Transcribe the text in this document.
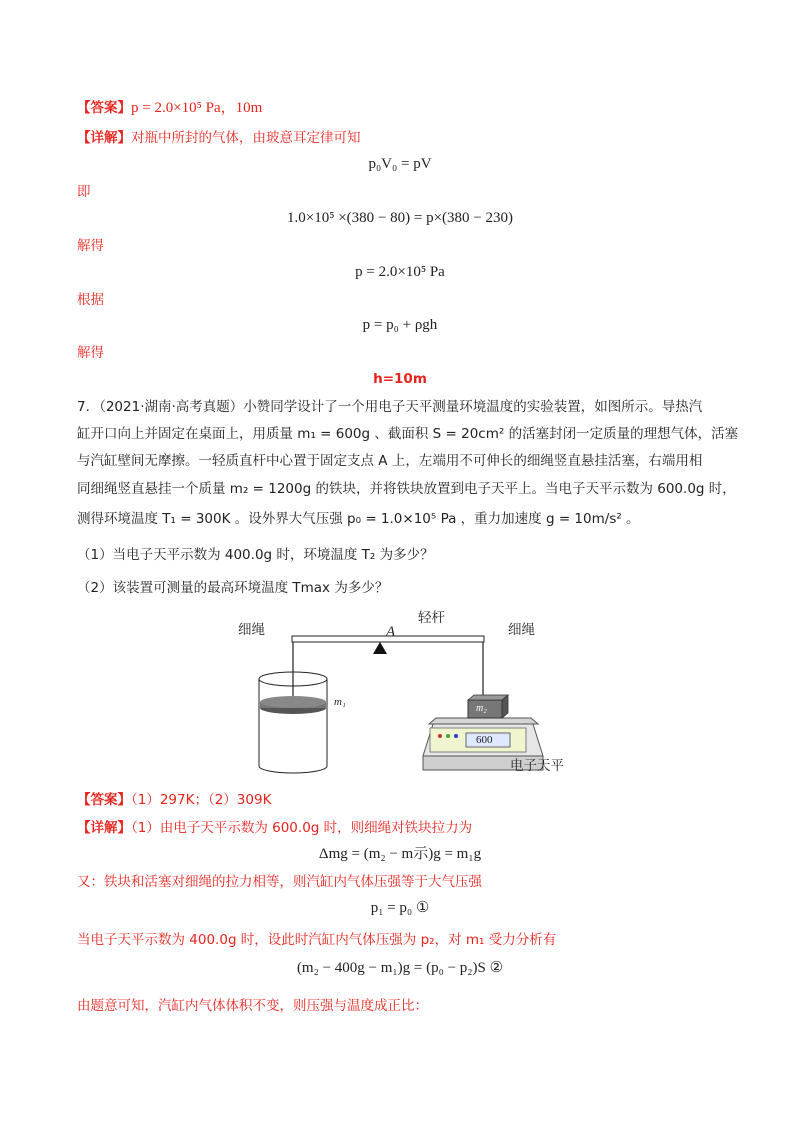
【答案】p = 2.0×10⁵ Pa，10m
【详解】对瓶中所封的气体，由玻意耳定律可知
p₀V₀ = pV
即
1.0×10⁵ ×(380 − 80) = p×(380 − 230)
解得
p = 2.0×10⁵ Pa
根据
p = p₀ + ρgh
解得
h=10m
7．（2021·湖南·高考真题）小赞同学设计了一个用电子天平测量环境温度的实验装置，如图所示。导热汽
缸开口向上并固定在桌面上，用质量 m₁ = 600g 、截面积 S = 20cm² 的活塞封闭一定质量的理想气体，活塞
与汽缸壁间无摩擦。一轻质直杆中心置于固定支点 A 上，左端用不可伸长的细绳竖直悬挂活塞，右端用相
同细绳竖直悬挂一个质量 m₂ = 1200g 的铁块，并将铁块放置到电子天平上。当电子天平示数为 600.0g 时，
测得环境温度 T₁ = 300K 。设外界大气压强 p₀ = 1.0×10⁵ Pa ，重力加速度 g = 10m/s² 。
（1）当电子天平示数为 400.0g 时，环境温度 T₂ 为多少？
（2）该装置可测量的最高环境温度 Tmax 为多少？
细绳
轻杆
A	细绳
m₁
m₂
600
电子天平
【答案】（1）297K；（2）309K
【详解】（1）由电子天平示数为 600.0g 时，则细绳对铁块拉力为
Δmg = (m₂ − m示)g = m₁g
又：铁块和活塞对细绳的拉力相等，则汽缸内气体压强等于大气压强
p₁ = p₀ ①
当电子天平示数为 400.0g 时，设此时汽缸内气体压强为 p₂，对 m₁ 受力分析有
(m₂ − 400g − m₁)g = (p₀ − p₂)S ②
由题意可知，汽缸内气体体积不变，则压强与温度成正比：
